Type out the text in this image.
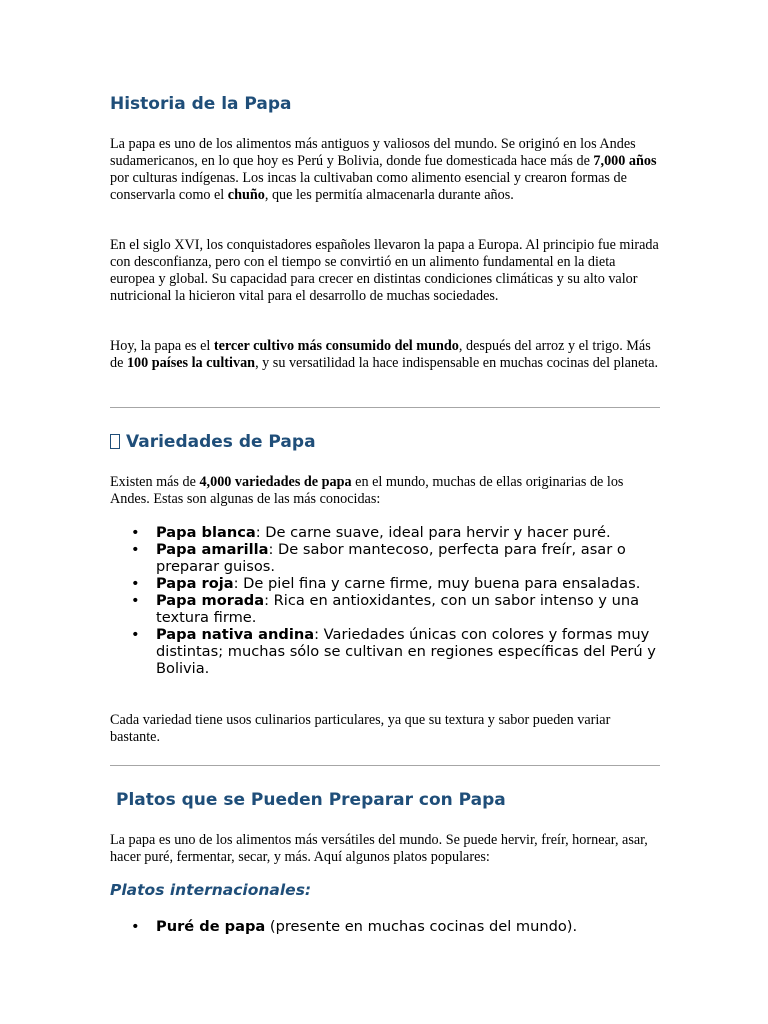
Historia de la Papa

La papa es uno de los alimentos más antiguos y valiosos del mundo. Se originó en los Andes sudamericanos, en lo que hoy es Perú y Bolivia, donde fue domesticada hace más de 7,000 años por culturas indígenas. Los incas la cultivaban como alimento esencial y crearon formas de conservarla como el chuño, que les permitía almacenarla durante años.

En el siglo XVI, los conquistadores españoles llevaron la papa a Europa. Al principio fue mirada con desconfianza, pero con el tiempo se convirtió en un alimento fundamental en la dieta europea y global. Su capacidad para crecer en distintas condiciones climáticas y su alto valor nutricional la hicieron vital para el desarrollo de muchas sociedades.

Hoy, la papa es el tercer cultivo más consumido del mundo, después del arroz y el trigo. Más de 100 países la cultivan, y su versatilidad la hace indispensable en muchas cocinas del planeta.

Variedades de Papa

Existen más de 4,000 variedades de papa en el mundo, muchas de ellas originarias de los Andes. Estas son algunas de las más conocidas:

• Papa blanca: De carne suave, ideal para hervir y hacer puré.
• Papa amarilla: De sabor mantecoso, perfecta para freír, asar o preparar guisos.
• Papa roja: De piel fina y carne firme, muy buena para ensaladas.
• Papa morada: Rica en antioxidantes, con un sabor intenso y una textura firme.
• Papa nativa andina: Variedades únicas con colores y formas muy distintas; muchas sólo se cultivan en regiones específicas del Perú y Bolivia.

Cada variedad tiene usos culinarios particulares, ya que su textura y sabor pueden variar bastante.

Platos que se Pueden Preparar con Papa

La papa es uno de los alimentos más versátiles del mundo. Se puede hervir, freír, hornear, asar, hacer puré, fermentar, secar, y más. Aquí algunos platos populares:

Platos internacionales:
• Puré de papa (presente en muchas cocinas del mundo).
